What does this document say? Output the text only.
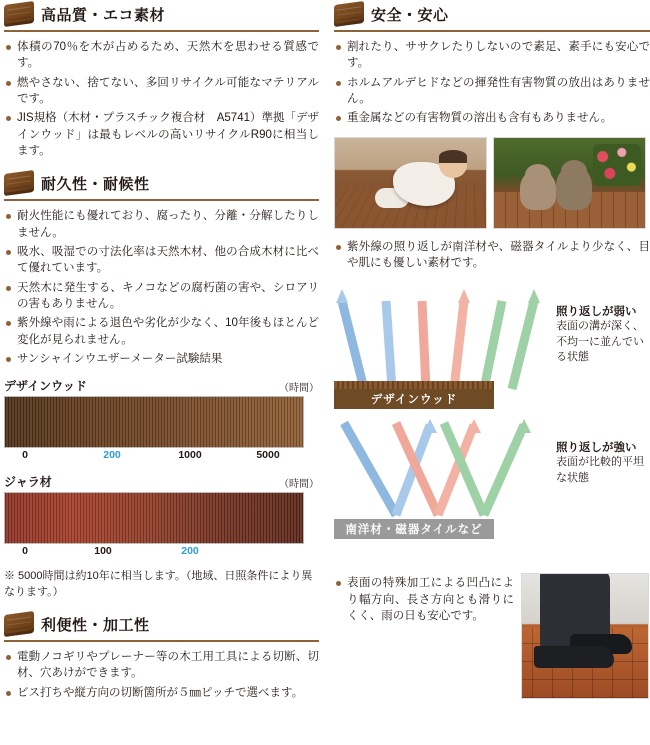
高品質・エコ素材
体積の70％を木が占めるため、天然木を思わせる質感です。
燃やさない、捨てない、多回リサイクル可能なマテリアルです。
JIS規格（木材・プラスチック複合材　A5741）準拠「デザインウッド」は最もレベルの高いリサイクルR90に相当します。
耐久性・耐候性
耐火性能にも優れており、腐ったり、分離・分解したりしません。
吸水、吸湿での寸法化率は天然木材、他の合成木材に比べて優れています。
天然木に発生する、キノコなどの腐朽菌の害や、シロアリの害もありません。
紫外線や雨による退色や劣化が少なく、10年後もほとんど変化が見られません。
サンシャインウエザーメーター試験結果
デザインウッド	（時間）
0	200	1000	5000
ジャラ材	（時間）
0	100	200
※ 5000時間は約10年に相当します。（地域、日照条件により異なります。）
利便性・加工性
電動ノコギリやプレーナー等の木工用工具による切断、切材、穴あけができます。
ビス打ちや縦方向の切断箇所が５㎜ピッチで選べます。
安全・安心
割れたり、ササクレたりしないので素足、素手にも安心です。
ホルムアルデヒドなどの揮発性有害物質の放出はありません。
重金属などの有害物質の溶出も含有もありません。
紫外線の照り返しが南洋材や、磁器タイルより少なく、目や肌にも優しい素材です。
デザインウッド
照り返しが弱い
表面の溝が深く、不均一に並んでいる状態
南洋材・磁器タイルなど
照り返しが強い
表面が比較的平坦な状態
表面の特殊加工による凹凸により幅方向、長さ方向とも滑りにくく、雨の日も安心です。
